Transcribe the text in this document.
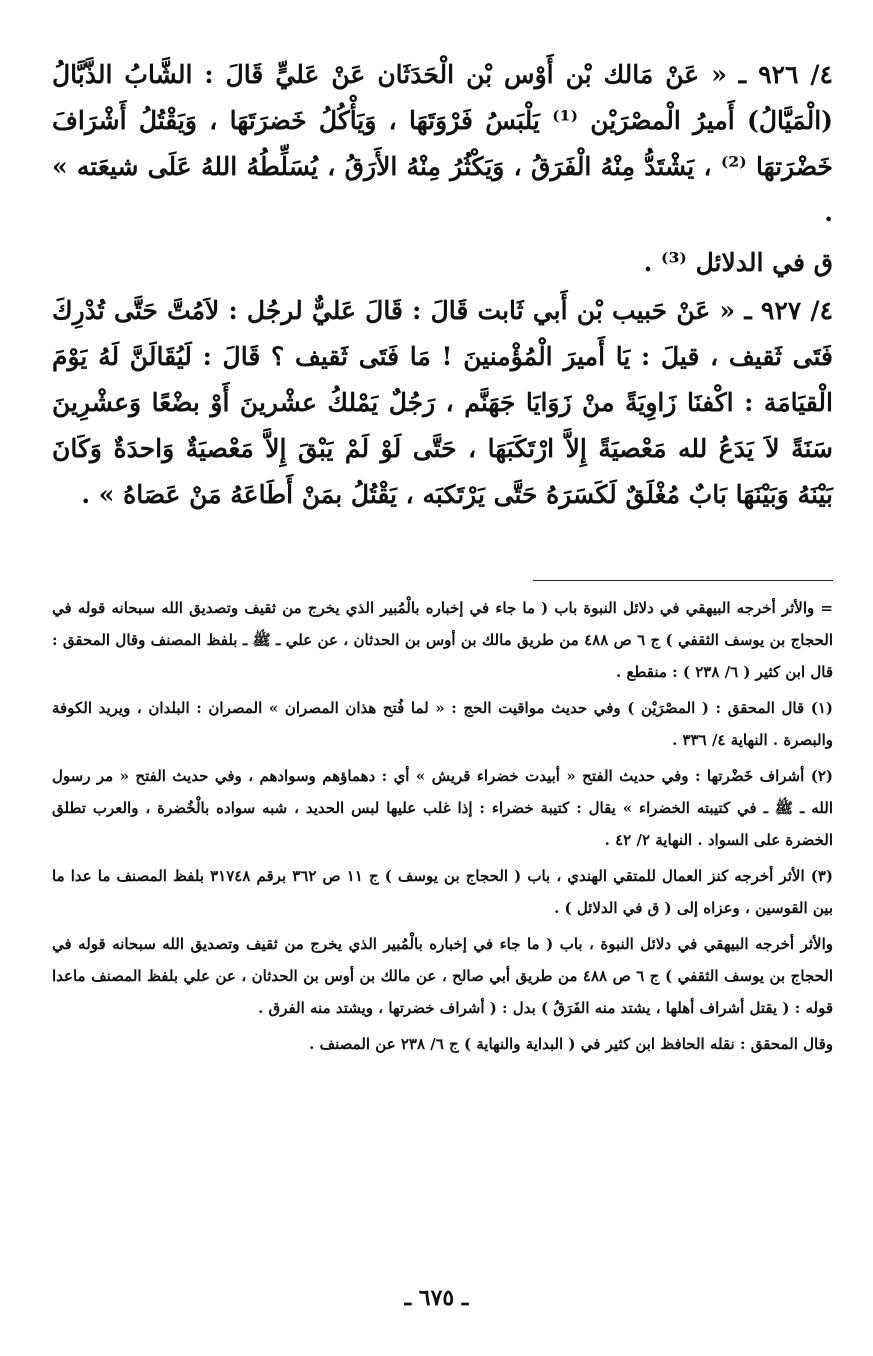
٤/ ٩٢٦ ـ « عَنْ مَالك بْن أَوْس بْن الْحَدَثَان عَنْ عَليٍّ قَالَ : الشَّابُ الذَّبَّالُ (الْمَيَّالُ) أَميرُ الْمصْرَيْن ⁽¹⁾ يَلْبَسُ فَرْوَتَهَا ، وَيَأْكُلُ خَضرَتَهَا ، وَيَقْتُلُ أَشْرَافَ خَضْرَتهَا ⁽²⁾ ، يَشْتَدُّ مِنْهُ الْفَرَقُ ، وَيَكْثُرُ مِنْهُ الأَرَقُ ، يُسَلِّطُهُ اللهُ عَلَى شيعَته » .

ق في الدلائل ⁽³⁾ .

٤/ ٩٢٧ ـ « عَنْ حَبيب بْن أَبي ثَابت قَالَ : قَالَ عَليٌّ لرجُل : لاَمُتَّ حَتَّى تُدْرِكَ فَتَى ثَقيف ، قيلَ : يَا أَميرَ الْمُؤْمنينَ ! مَا فَتَى ثَقيف ؟ قَالَ : لَيُقَالَنَّ لَهُ يَوْمَ الْقيَامَة : اكْفنَا زَاوِيَةً منْ زَوَايَا جَهَنَّم ، رَجُلٌ يَمْلكُ عشْرينَ أَوْ بضْعًا وَعشْرِينَ سَنَةً لاَ يَدَعُ لله مَعْصيَةً إِلاَّ ارْتَكَبَهَا ، حَتَّى لَوْ لَمْ يَبْقَ إِلاَّ مَعْصيَةٌ وَاحدَةٌ وَكَانَ بَيْنَهُ وَبَيْنَهَا بَابٌ مُغْلَقٌ لَكَسَرَهُ حَتَّى يَرْتَكبَه ، يَقْتُلُ بمَنْ أَطَاعَهُ مَنْ عَصَاهُ » .

= والأثر أخرجه البيهقي في دلائل النبوة باب ( ما جاء في إخباره بالْمُبير الذي يخرج من ثقيف وتصديق الله سبحانه قوله في الحجاج بن يوسف الثقفي ) ج ٦ ص ٤٨٨ من طريق مالك بن أوس بن الحدثان ، عن علي ـ ﷺ ـ بلفظ المصنف وقال المحقق : قال ابن كثير ( ٦/ ٢٣٨ ) : منقطع .

(١) قال المحقق : ( المصْرَيْن ) وفي حديث مواقيت الحج : « لما فُتح هذان المصران » المصران : البلدان ، ويريد الكوفة والبصرة . النهاية ٤/ ٣٣٦ .

(٢) أشراف خَضْرتها : وفي حديث الفتح « أبيدت خضراء قريش » أي : دهماؤهم وسوادهم ، وفي حديث الفتح « مر رسول الله ـ ﷺ ـ في كتيبته الخضراء » يقال : كتيبة خضراء : إذا غلب عليها لبس الحديد ، شبه سواده بالْخُضرة ، والعرب تطلق الخضرة على السواد . النهاية ٢/ ٤٢ .

(٣) الأثر أخرجه كنز العمال للمتقي الهندي ، باب ( الحجاج بن يوسف ) ج ١١ ص ٣٦٢ برقم ٣١٧٤٨ بلفظ المصنف ما عدا ما بين القوسين ، وعزاه إلى ( ق في الدلائل ) .

والأثر أخرجه البيهقي في دلائل النبوة ، باب ( ما جاء في إخباره بالْمُبير الذي يخرج من ثقيف وتصديق الله سبحانه قوله في الحجاج بن يوسف الثقفي ) ج ٦ ص ٤٨٨ من طريق أبي صالح ، عن مالك بن أوس بن الحدثان ، عن علي بلفظ المصنف ماعدا قوله : ( يقتل أشراف أهلها ، يشتد منه الفَرَقُ ) بدل : ( أشراف خضرتها ، ويشتد منه الفرق .

وقال المحقق : نقله الحافظ ابن كثير في ( البداية والنهاية ) ج ٦/ ٢٣٨ عن المصنف .

ـ ٦٧٥ ـ
